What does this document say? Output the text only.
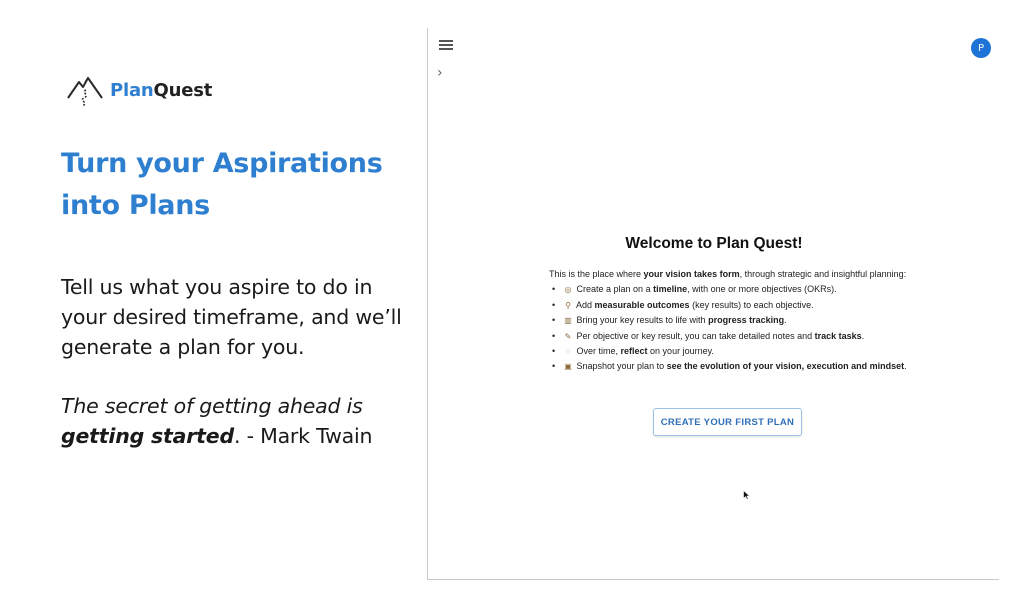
PlanQuest
Turn your Aspirations
into Plans
Tell us what you aspire to do in your desired timeframe, and we’ll generate a plan for you.
The secret of getting ahead is getting started. - Mark Twain
›
P
Welcome to Plan Quest!
This is the place where your vision takes form, through strategic and insightful planning:
• ◎ Create a plan on a timeline, with one or more objectives (OKRs).
• ⚲ Add measurable outcomes (key results) to each objective.
• ▥ Bring your key results to life with progress tracking.
• ✎ Per objective or key result, you can take detailed notes and track tasks.
• ◌ Over time, reflect on your journey.
• ▣ Snapshot your plan to see the evolution of your vision, execution and mindset.
CREATE YOUR FIRST PLAN
